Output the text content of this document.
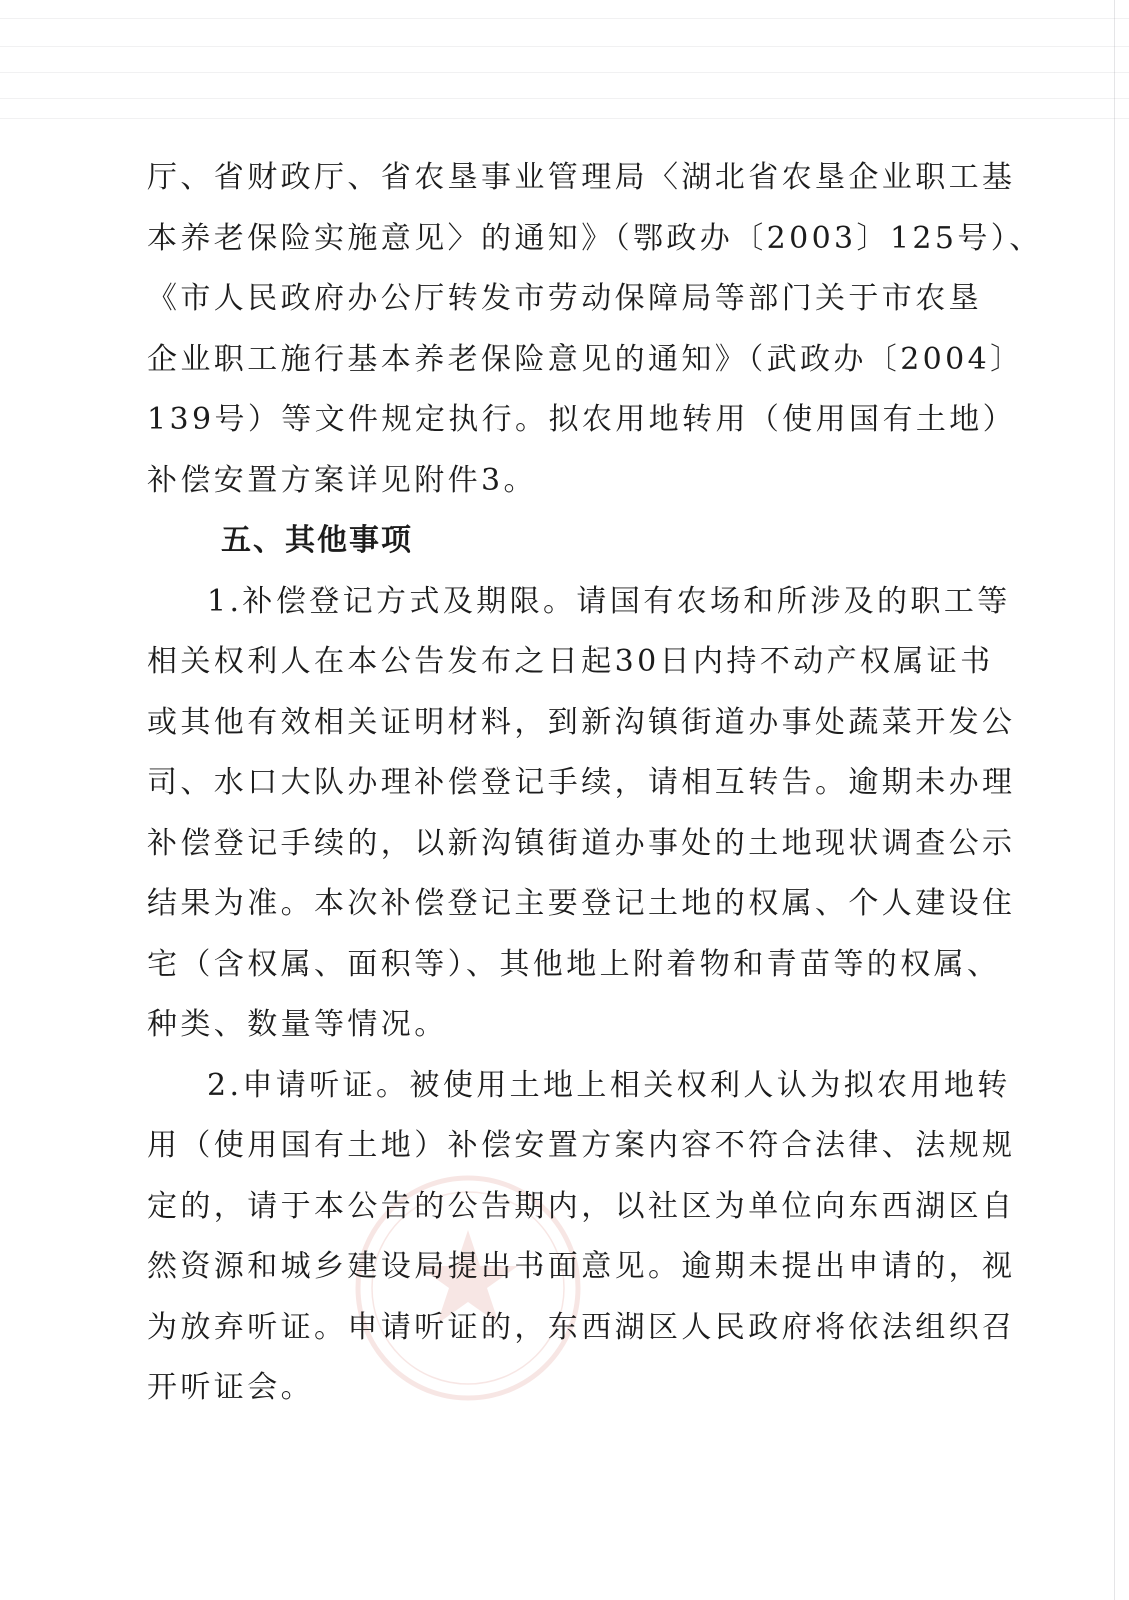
厅、省财政厅、省农垦事业管理局〈湖北省农垦企业职工基
本养老保险实施意见〉的通知》（鄂政办〔2003〕125号）、
《市人民政府办公厅转发市劳动保障局等部门关于市农垦
企业职工施行基本养老保险意见的通知》（武政办〔2004〕
139号）等文件规定执行。拟农用地转用（使用国有土地）
补偿安置方案详见附件3。
五、其他事项
1.补偿登记方式及期限。请国有农场和所涉及的职工等
相关权利人在本公告发布之日起30日内持不动产权属证书
或其他有效相关证明材料，到新沟镇街道办事处蔬菜开发公
司、水口大队办理补偿登记手续，请相互转告。逾期未办理
补偿登记手续的，以新沟镇街道办事处的土地现状调查公示
结果为准。本次补偿登记主要登记土地的权属、个人建设住
宅（含权属、面积等）、其他地上附着物和青苗等的权属、
种类、数量等情况。
2.申请听证。被使用土地上相关权利人认为拟农用地转
用（使用国有土地）补偿安置方案内容不符合法律、法规规
定的，请于本公告的公告期内，以社区为单位向东西湖区自
然资源和城乡建设局提出书面意见。逾期未提出申请的，视
为放弃听证。申请听证的，东西湖区人民政府将依法组织召
开听证会。
